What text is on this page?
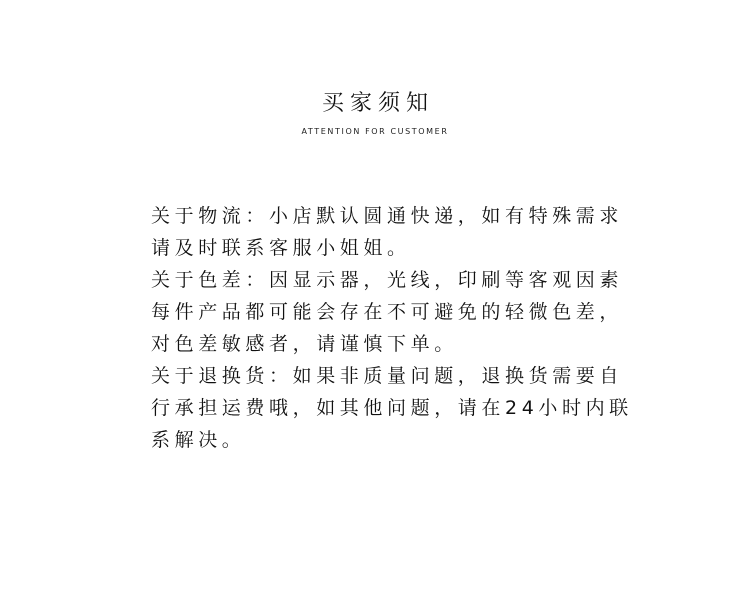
买家须知
ATTENTION FOR CUSTOMER

关于物流：小店默认圆通快递，如有特殊需求

请及时联系客服小姐姐。

关于色差：因显示器，光线，印刷等客观因素

每件产品都可能会存在不可避免的轻微色差，

对色差敏感者，请谨慎下单。

关于退换货：如果非质量问题，退换货需要自

行承担运费哦，如其他问题，请在24小时内联

系解决。
